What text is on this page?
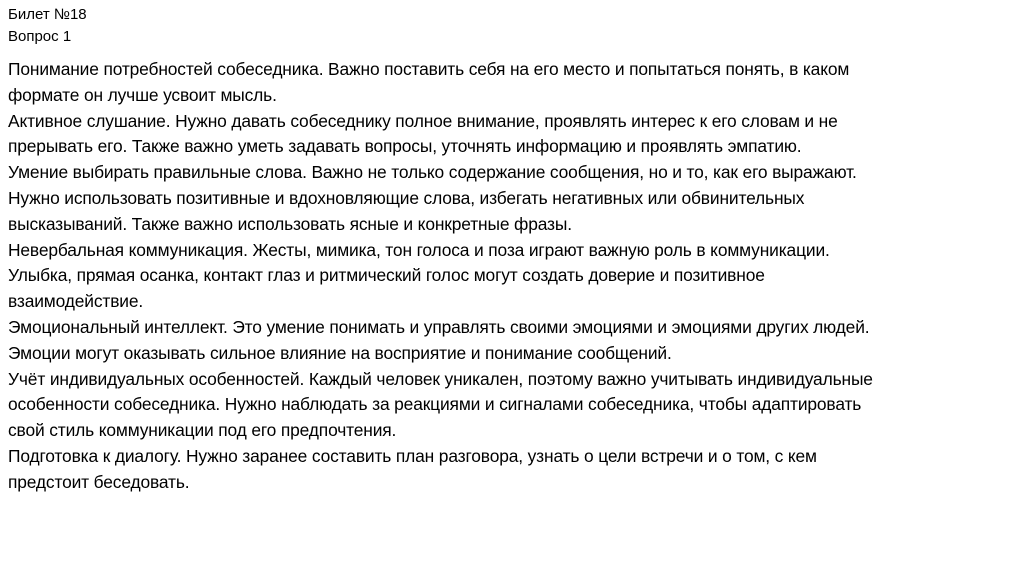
Билет №18
Вопрос 1
Понимание потребностей собеседника. Важно поставить себя на его место и попытаться понять, в каком
формате он лучше усвоит мысль.
Активное слушание. Нужно давать собеседнику полное внимание, проявлять интерес к его словам и не
прерывать его. Также важно уметь задавать вопросы, уточнять информацию и проявлять эмпатию.
Умение выбирать правильные слова. Важно не только содержание сообщения, но и то, как его выражают.
Нужно использовать позитивные и вдохновляющие слова, избегать негативных или обвинительных
высказываний. Также важно использовать ясные и конкретные фразы.
Невербальная коммуникация. Жесты, мимика, тон голоса и поза играют важную роль в коммуникации.
Улыбка, прямая осанка, контакт глаз и ритмический голос могут создать доверие и позитивное
взаимодействие.
Эмоциональный интеллект. Это умение понимать и управлять своими эмоциями и эмоциями других людей.
Эмоции могут оказывать сильное влияние на восприятие и понимание сообщений.
Учёт индивидуальных особенностей. Каждый человек уникален, поэтому важно учитывать индивидуальные
особенности собеседника. Нужно наблюдать за реакциями и сигналами собеседника, чтобы адаптировать
свой стиль коммуникации под его предпочтения.
Подготовка к диалогу. Нужно заранее составить план разговора, узнать о цели встречи и о том, с кем
предстоит беседовать.
